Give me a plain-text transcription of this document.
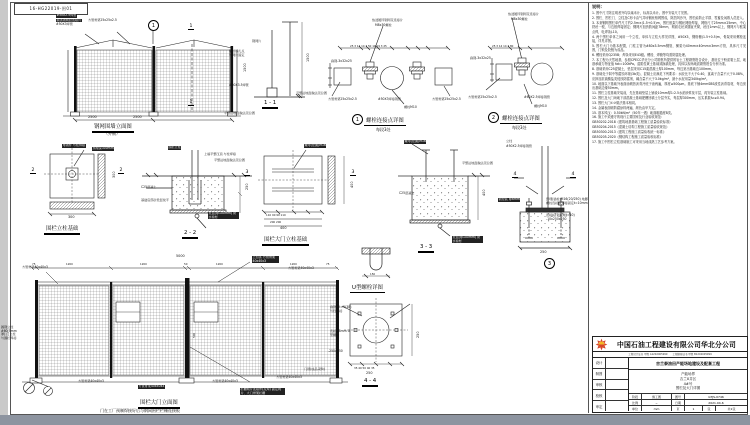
16-HG22019-围01
1
#50X2.5焊管
扁条钢网拉连接片
#50X3焊管
方管骨架25x25x2.5
1
1
钢丝绑扎点 与网片固定
#50X3.5焊管
平整法地面做法见总图
1500
2500	2500
钢网围墙立面图
（外侧）
钢网片
1500
平整法地面做法见总图
1 - 1
热浸镀锌钢网花连接片
M8x30螺栓
25 3 14 14 3 50 19 19 3 25
扁钢-3x32x25
方管骨架25x25x2.5	#50X3焊接钢管	方管骨架25x25x2.5
螺栓M10
1	螺栓连接点详图
每段3处
热浸镀锌钢网花连接片
M8x30螺栓
25 3 14 14 3 80
扁钢-3x32x25
方管骨架25x25x2.5	#60X2.5焊接钢管
螺栓M10
2	螺栓连接点详图
每段3处
角钢件 与柱焊接
预埋深300mm
2	2
300
300
围栏立柱基础
围栏立柱
上端平整压顶 与柱焊接
平整法地面做法见总图
C25混凝土
基础底部砂垫层找平
250
垫层(厚100mm) 防水卷材
2 - 2
螺母(垫圈)M16
3	3
110 90 90 110
200 200
400
400
围栏大门立柱基础
螺母(垫圈)M16
平整法地面做法见总图
C25混凝土	400
垫层(厚100mm) 防水卷材
3 - 3
立柱
#50X2.5焊接钢管
4	4
钢垫板 厚6mm	预埋(锚栓)M16(20/250) 地脚螺栓连接或焊接固定t=10mm
连接板(钢板厚t=10) -10x250x250
250
3
5000
75	1200	1200	50	1200	1200	75
上扣条 方管骨架40x40x3
方管骨架40x40x3	方管骨架40x40x3
圆钢立柱#60(5mm厚) 门立柱与围栏焊接	500
方管骨架40x40x3
方管骨架40x40x3
方管骨架40x40x3
方管骨架40x40x3
栏栅网片连接件(点焊) 固定网片、大门骨架栏栅
门锁(成品采购)
围栏大门立面图
门在工厂预制焊接好后与钢网围栏栏栅连接板
150
U型螺栓详图
扁钢件t=5(38) 与柱焊接
连接Φ8mm U型螺栓
-250x250
250
35 40 50 40 35
250
4 - 4
说明：
1. 图中尺寸除注明者外均以毫米计，标高以米计。图中安装尺寸见图。
2. 围栏、围栏门、立柱及C形卡由气井场钢丝格网围成，除挡风沙外，围栏能防止羊群、牲畜及闲散人员进入。
3. 本套钢网围栏单件尺寸约2.5m×(1.5+0.5)m，围栏框架与钢丝网格焊接，网格尺寸25mm×25mm，中心铁丝一根，与边框焊接固定；钢网片加劲肋间距78mm，网面走丝须绷直夹紧，丝径1mm以上，钢网片与框架点焊，电焊条J-10。
4. 两个围栏单体之间用一个立柱，单体与立柱大样见详图，#50X3，钢格栅(1.5+0.5)m，骨架采用螺栓连接，详见详图。
5. 围栏大门为基本配置，门柱主管为#80x3.5mm钢管，横梁为40mm×40mm×3mm方管，具体尺寸见图，门锁及铰链为成品。
6. 螺栓采用Q235B；焊条采用E43级。螺栓、焊缝等均需防腐处理。
7. 本工程为天然地基，参照CPECC华北分公司勘察所提供的岩土工程勘察报告设计，基底位于粉质黏土层，地基承载力特征值 fak=100kPa。湿陷性黄土基础须换填处理，具体以现场地质勘察报告分析为准。
8. 基础采用C25混凝土，垫层采用C15素混凝土厚100mm，每边宽出基础边100mm。
9. 基础处于弱中等腐蚀环境(3b类)，混凝土应满足下列要求：水胶比不大于0.40，氯离子含量不大于0.08%，应掺加抗硫酸盐类侵蚀防腐剂，碱含量不大于3.0kg/m³，最小水泥用量340kg/m³。
10. 地面以下基础外表面涂刷热沥青冷底子油两遍，厚度≥500μm。基底下铺4mmSBS改性沥青卷材，每边宽出基础边缘50mm。
11. 围栏立柱基础安装前，先在基础垫层上铺设10mm厚1:2.5水泥砂浆找平层，再安装立柱基础。
12. 围栏及大门场地下部混凝土基础肥槽回填土分层夯实，每层厚300mm，压实系数λc≥0.94。
13. 围栏大门①②做法基本相同。
14. 金属表面刷防腐涂料两遍，颜色由甲方定。
15. 基本风压：0.50kN/m²（50年一遇）地面粗糙度B类。
16. 施工中须遵守的现行主要国家及行业验收规范：
GB50202-2018《建筑地基基础工程施工质量验收标准》
GB50204-2015《混凝土结构工程施工质量验收规范》
GB50300-2013《建筑工程施工质量验收统一标准》
GB50205-2020《钢结构工程施工质量验收标准》
17. 施工中围栏立柱基础施工可采用当地成熟工艺参考方案。
中国石油工程建设有限公司华北分公司
工程设计证书 甲级 A1202005999　　工程勘察证书 甲级 B1202005999
设计
制图
审核
校核
审定
吉兰泰油田产能场地建设及配套工程
产能场界
吉兰X井区
4#号
围栏及大门详图
阶段	施工图	图号	GTJS-0746
比例	~	日期	2021.04-6
单位	mm	页	1	张	共1张
